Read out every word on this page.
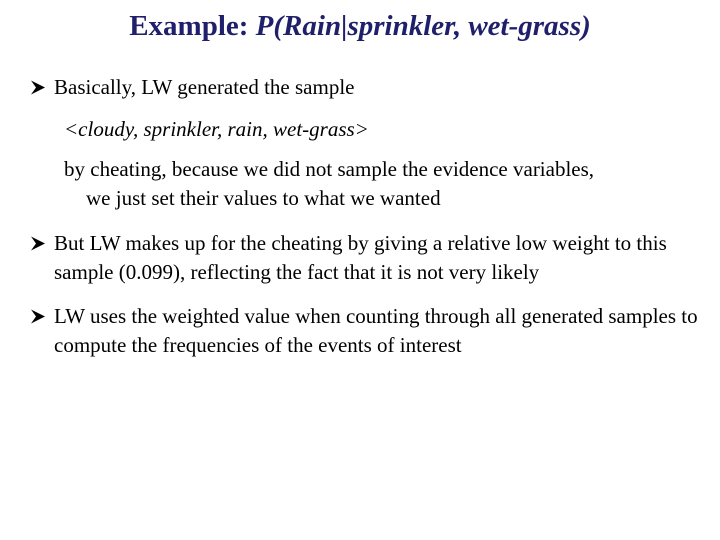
Example: P(Rain|sprinkler, wet-grass)
Basically, LW generated the sample
<cloudy, sprinkler, rain, wet-grass>
by cheating, because we did not sample the evidence variables,
we just set their values to what we wanted
But LW makes up for the cheating by giving a relative low weight to this sample (0.099), reflecting the fact that it is not very likely
LW uses the weighted value when counting through all generated samples to compute the frequencies of the events of interest
